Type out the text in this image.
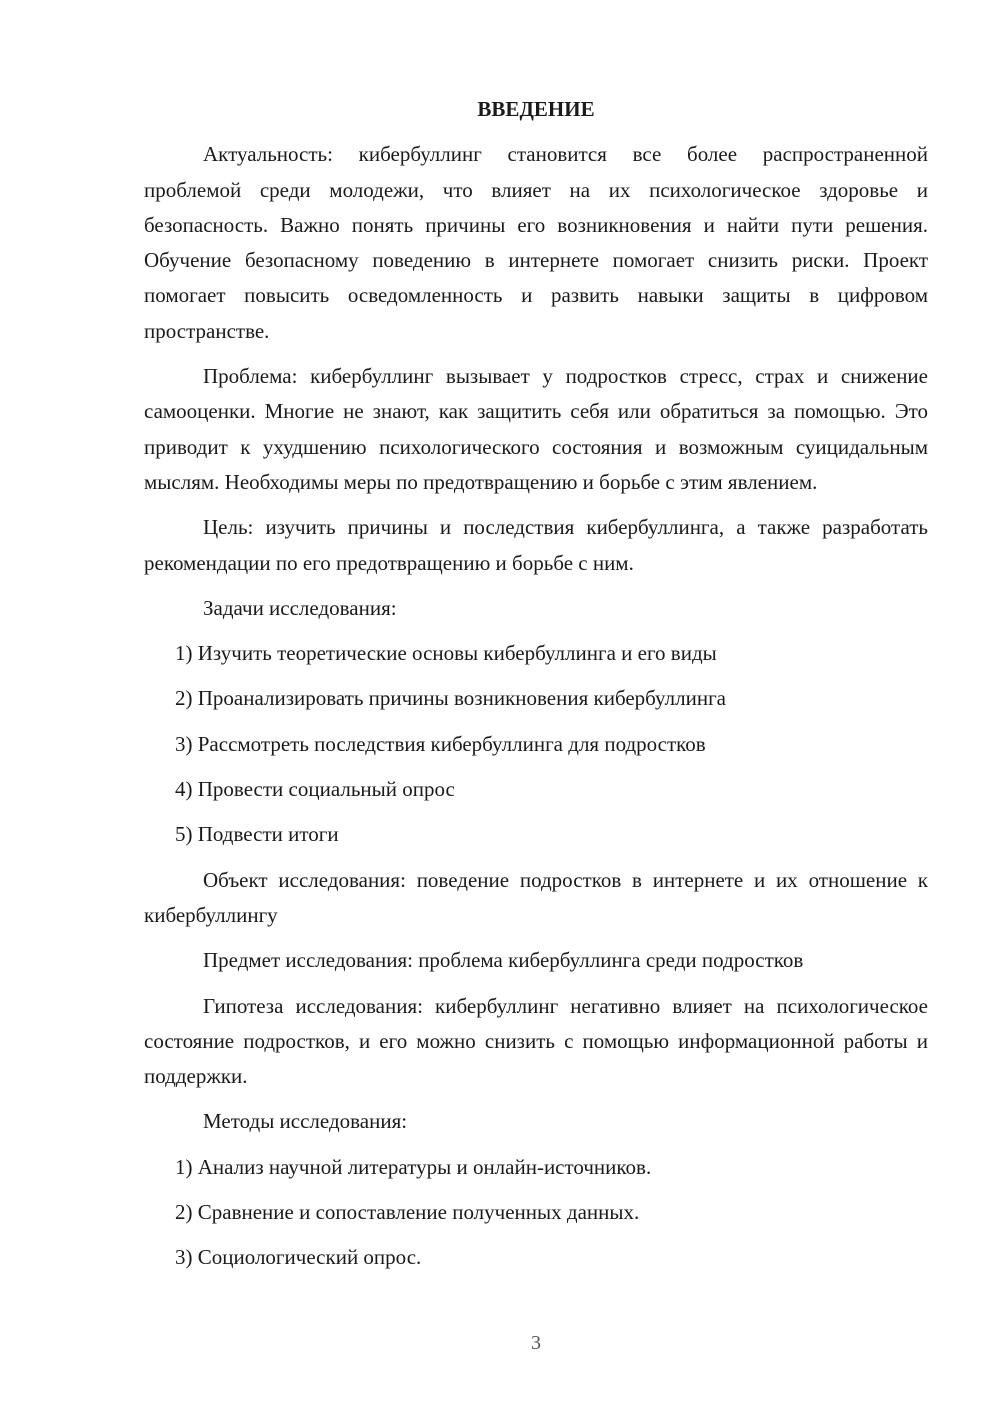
ВВЕДЕНИЕ
Актуальность: кибербуллинг становится все более распространенной проблемой среди молодежи, что влияет на их психологическое здоровье и безопасность. Важно понять причины его возникновения и найти пути решения. Обучение безопасному поведению в интернете помогает снизить риски. Проект помогает повысить осведомленность и развить навыки защиты в цифровом пространстве.
Проблема: кибербуллинг вызывает у подростков стресс, страх и снижение самооценки. Многие не знают, как защитить себя или обратиться за помощью. Это приводит к ухудшению психологического состояния и возможным суицидальным мыслям. Необходимы меры по предотвращению и борьбе с этим явлением.
Цель: изучить причины и последствия кибербуллинга, а также разработать рекомендации по его предотвращению и борьбе с ним.
Задачи исследования:
1) Изучить теоретические основы кибербуллинга и его виды
2) Проанализировать причины возникновения кибербуллинга
3) Рассмотреть последствия кибербуллинга для подростков
4) Провести социальный опрос
5) Подвести итоги
Объект исследования: поведение подростков в интернете и их отношение к кибербуллингу
Предмет исследования: проблема кибербуллинга среди подростков
Гипотеза исследования: кибербуллинг негативно влияет на психологическое состояние подростков, и его можно снизить с помощью информационной работы и поддержки.
Методы исследования:
1) Анализ научной литературы и онлайн-источников.
2) Сравнение и сопоставление полученных данных.
3) Социологический опрос.
3
